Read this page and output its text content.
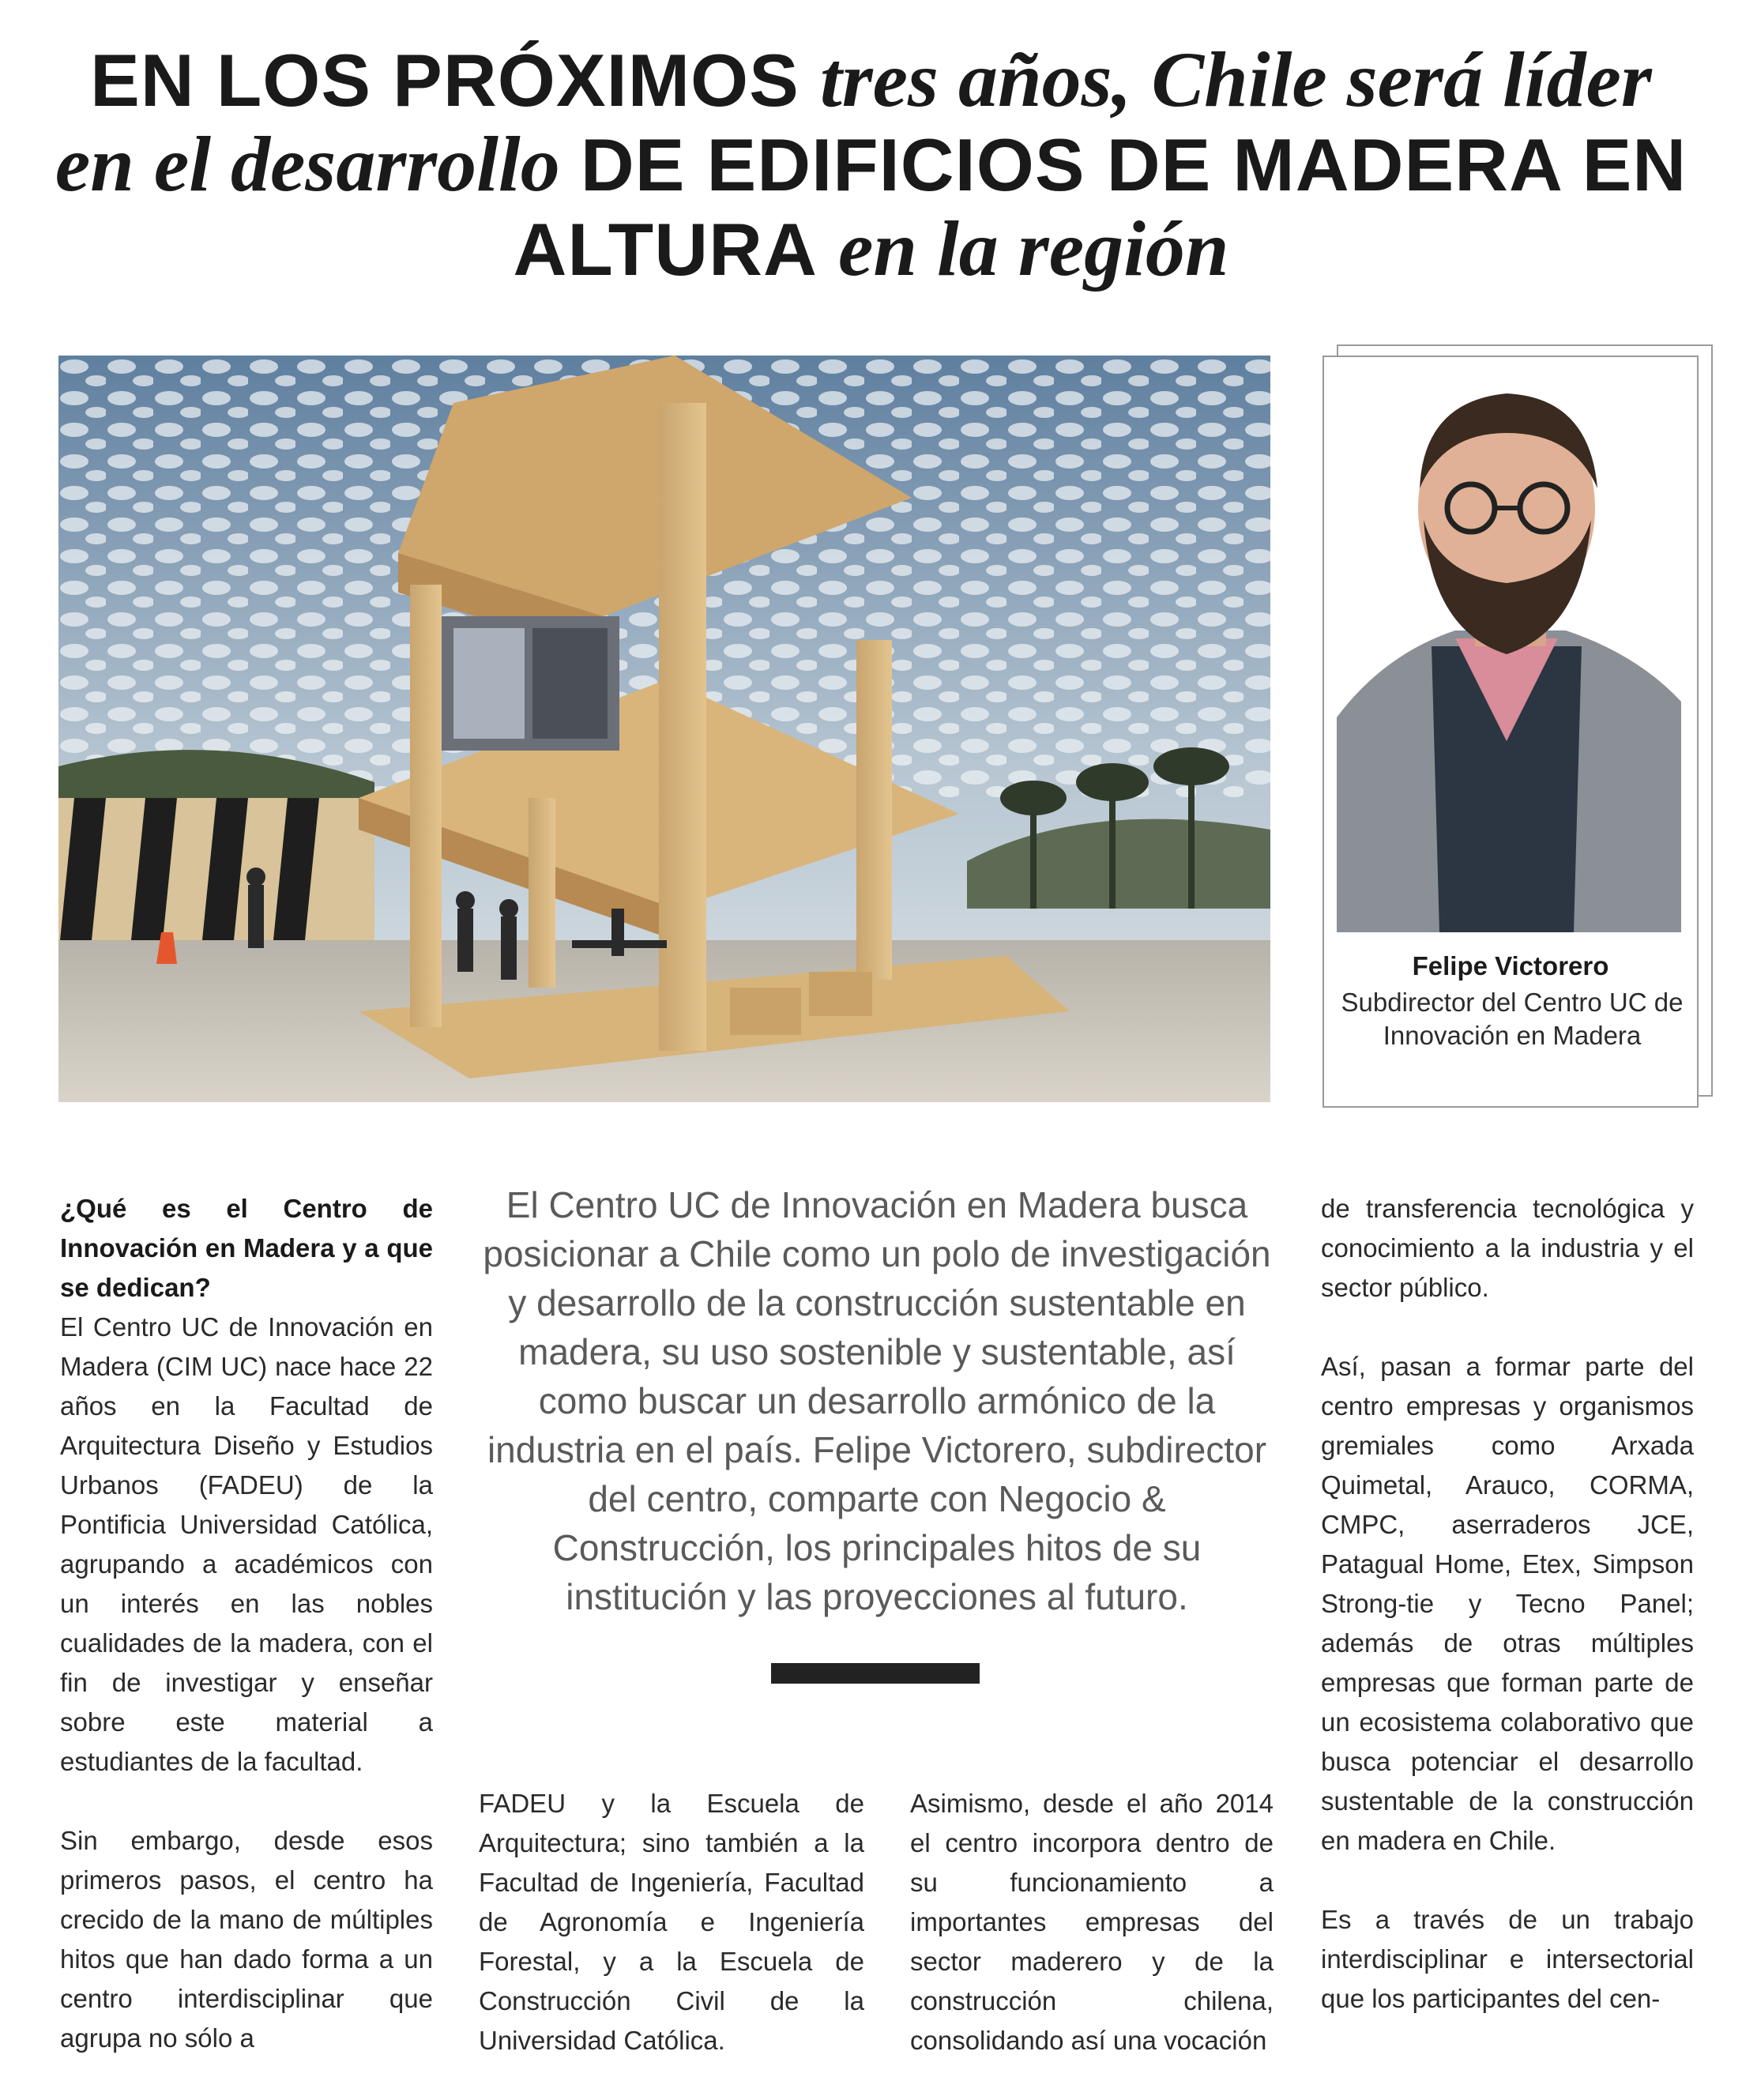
EN LOS PRÓXIMOS tres años, Chile será líder
en el desarrollo DE EDIFICIOS DE MADERA EN
ALTURA en la región
Felipe Victorero
Subdirector del Centro UC de Innovación en Madera

¿Qué es el Centro de Innovación en Madera y a que se dedican?

El Centro UC de Innovación en Madera (CIM UC) nace hace 22 años en la Facultad de Arquitectura Diseño y Estudios Urbanos (FADEU) de la Pontificia Universidad Católica, agrupando a académicos con un interés en las nobles cualidades de la madera, con el fin de investigar y enseñar sobre este material a estudiantes de la facultad.

Sin embargo, desde esos primeros pasos, el centro ha crecido de la mano de múltiples hitos que han dado forma a un centro interdisciplinar que agrupa no sólo a

El Centro UC de Innovación en Madera busca posicionar a Chile como un polo de investigación y desarrollo de la construcción sustentable en madera, su uso sostenible y sustentable, así como buscar un desarrollo armónico de la industria en el país. Felipe Victorero, subdirector del centro, comparte con Negocio & Construcción, los principales hitos de su institución y las proyecciones al futuro.

FADEU y la Escuela de Arquitectura; sino también a la Facultad de Ingeniería, Facultad de Agronomía e Ingeniería Forestal, y a la Escuela de Construcción Civil de la Universidad Católica.

Asimismo, desde el año 2014 el centro incorpora dentro de su funcionamiento a importantes empresas del sector maderero y de la construcción chilena, consolidando así una vocación

de transferencia tecnológica y conocimiento a la industria y el sector público.

Así, pasan a formar parte del centro empresas y organismos gremiales como Arxada Quimetal, Arauco, CORMA, CMPC, aserraderos JCE, Patagual Home, Etex, Simpson Strong-tie y Tecno Panel; además de otras múltiples empresas que forman parte de un ecosistema colaborativo que busca potenciar el desarrollo sustentable de la construcción en madera en Chile.

Es a través de un trabajo interdisciplinar e intersectorial que los participantes del cen-
